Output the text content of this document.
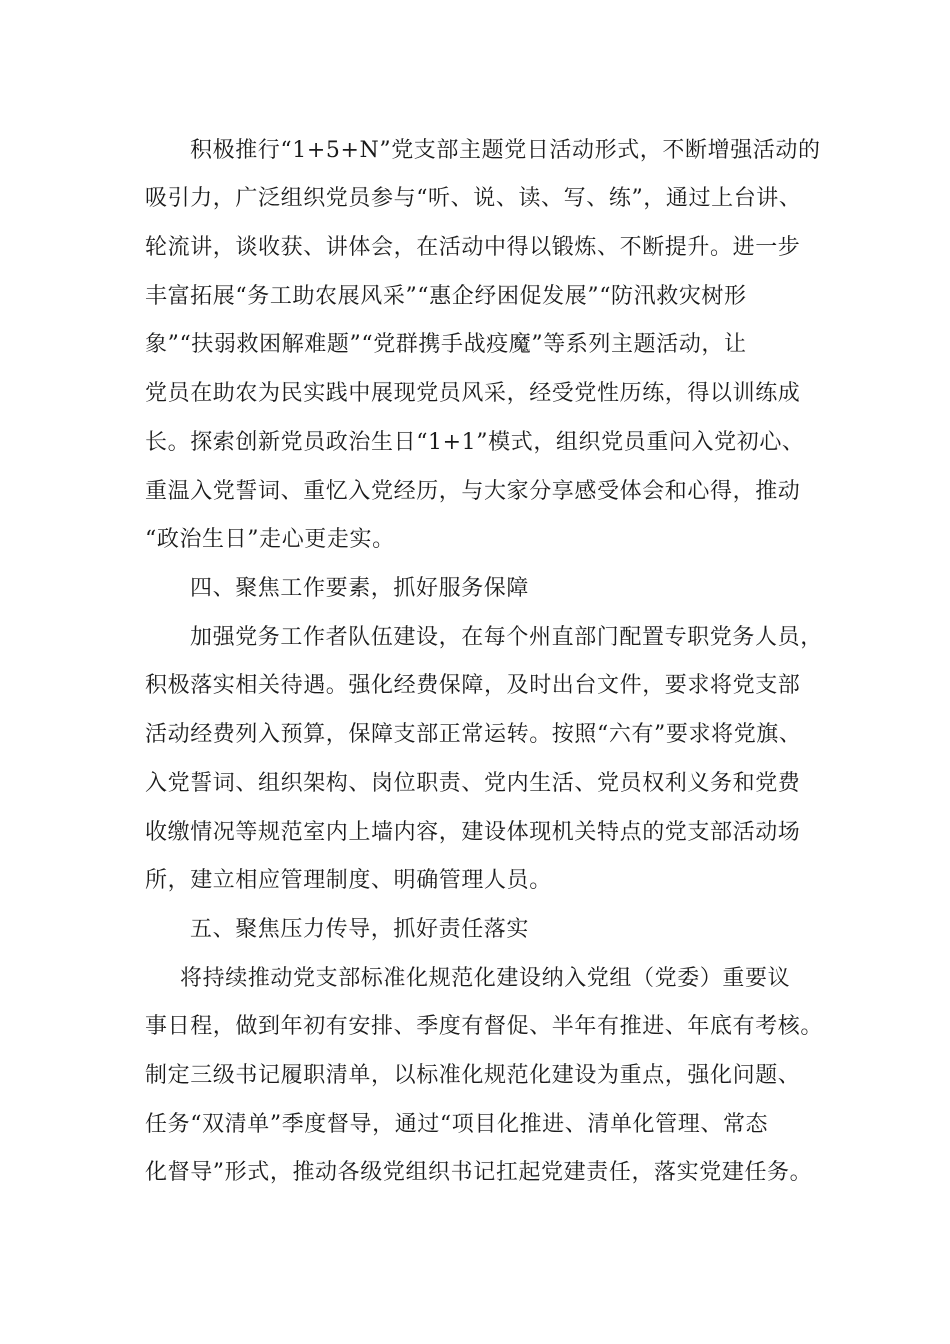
积极推行“1+5+N”党支部主题党日活动形式，不断增强活动的

吸引力，广泛组织党员参与“听、说、读、写、练”，通过上台讲、

轮流讲，谈收获、讲体会，在活动中得以锻炼、不断提升。进一步

丰富拓展“务工助农展风采”“惠企纾困促发展”“防汛救灾树形

象”“扶弱救困解难题”“党群携手战疫魔”等系列主题活动，让

党员在助农为民实践中展现党员风采，经受党性历练，得以训练成

长。探索创新党员政治生日“1+1”模式，组织党员重问入党初心、

重温入党誓词、重忆入党经历，与大家分享感受体会和心得，推动

“政治生日”走心更走实。

四、聚焦工作要素，抓好服务保障

加强党务工作者队伍建设，在每个州直部门配置专职党务人员，

积极落实相关待遇。强化经费保障，及时出台文件，要求将党支部

活动经费列入预算，保障支部正常运转。按照“六有”要求将党旗、

入党誓词、组织架构、岗位职责、党内生活、党员权利义务和党费

收缴情况等规范室内上墙内容，建设体现机关特点的党支部活动场

所，建立相应管理制度、明确管理人员。

五、聚焦压力传导，抓好责任落实

将持续推动党支部标准化规范化建设纳入党组（党委）重要议

事日程，做到年初有安排、季度有督促、半年有推进、年底有考核。

制定三级书记履职清单，以标准化规范化建设为重点，强化问题、

任务“双清单”季度督导，通过“项目化推进、清单化管理、常态

化督导”形式，推动各级党组织书记扛起党建责任，落实党建任务。
